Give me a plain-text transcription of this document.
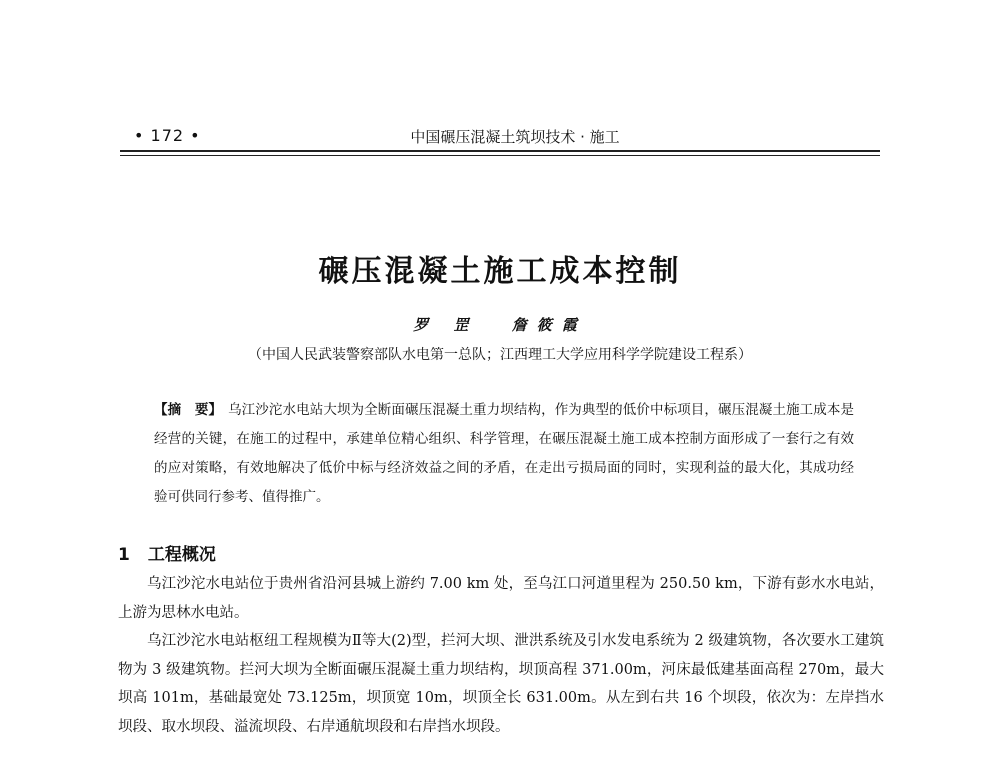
• 172 •	中国碾压混凝土筑坝技术 · 施工
碾压混凝土施工成本控制
罗 罡 詹筱霞
（中国人民武装警察部队水电第一总队；江西理工大学应用科学学院建设工程系）
【摘　要】 乌江沙沱水电站大坝为全断面碾压混凝土重力坝结构，作为典型的低价中标项目，碾压混凝土施工成本是经营的关键，在施工的过程中，承建单位精心组织、科学管理，在碾压混凝土施工成本控制方面形成了一套行之有效的应对策略，有效地解决了低价中标与经济效益之间的矛盾，在走出亏损局面的同时，实现利益的最大化，其成功经验可供同行参考、值得推广。
1 工程概况

乌江沙沱水电站位于贵州省沿河县城上游约 7.00 km 处，至乌江口河道里程为 250.50 km，下游有彭水水电站，上游为思林水电站。

乌江沙沱水电站枢纽工程规模为Ⅱ等大(2)型，拦河大坝、泄洪系统及引水发电系统为 2 级建筑物，各次要水工建筑物为 3 级建筑物。拦河大坝为全断面碾压混凝土重力坝结构，坝顶高程 371.00m，河床最低建基面高程 270m，最大坝高 101m，基础最宽处 73.125m，坝顶宽 10m，坝顶全长 631.00m。从左到右共 16 个坝段，依次为：左岸挡水坝段、取水坝段、溢流坝段、右岸通航坝段和右岸挡水坝段。
